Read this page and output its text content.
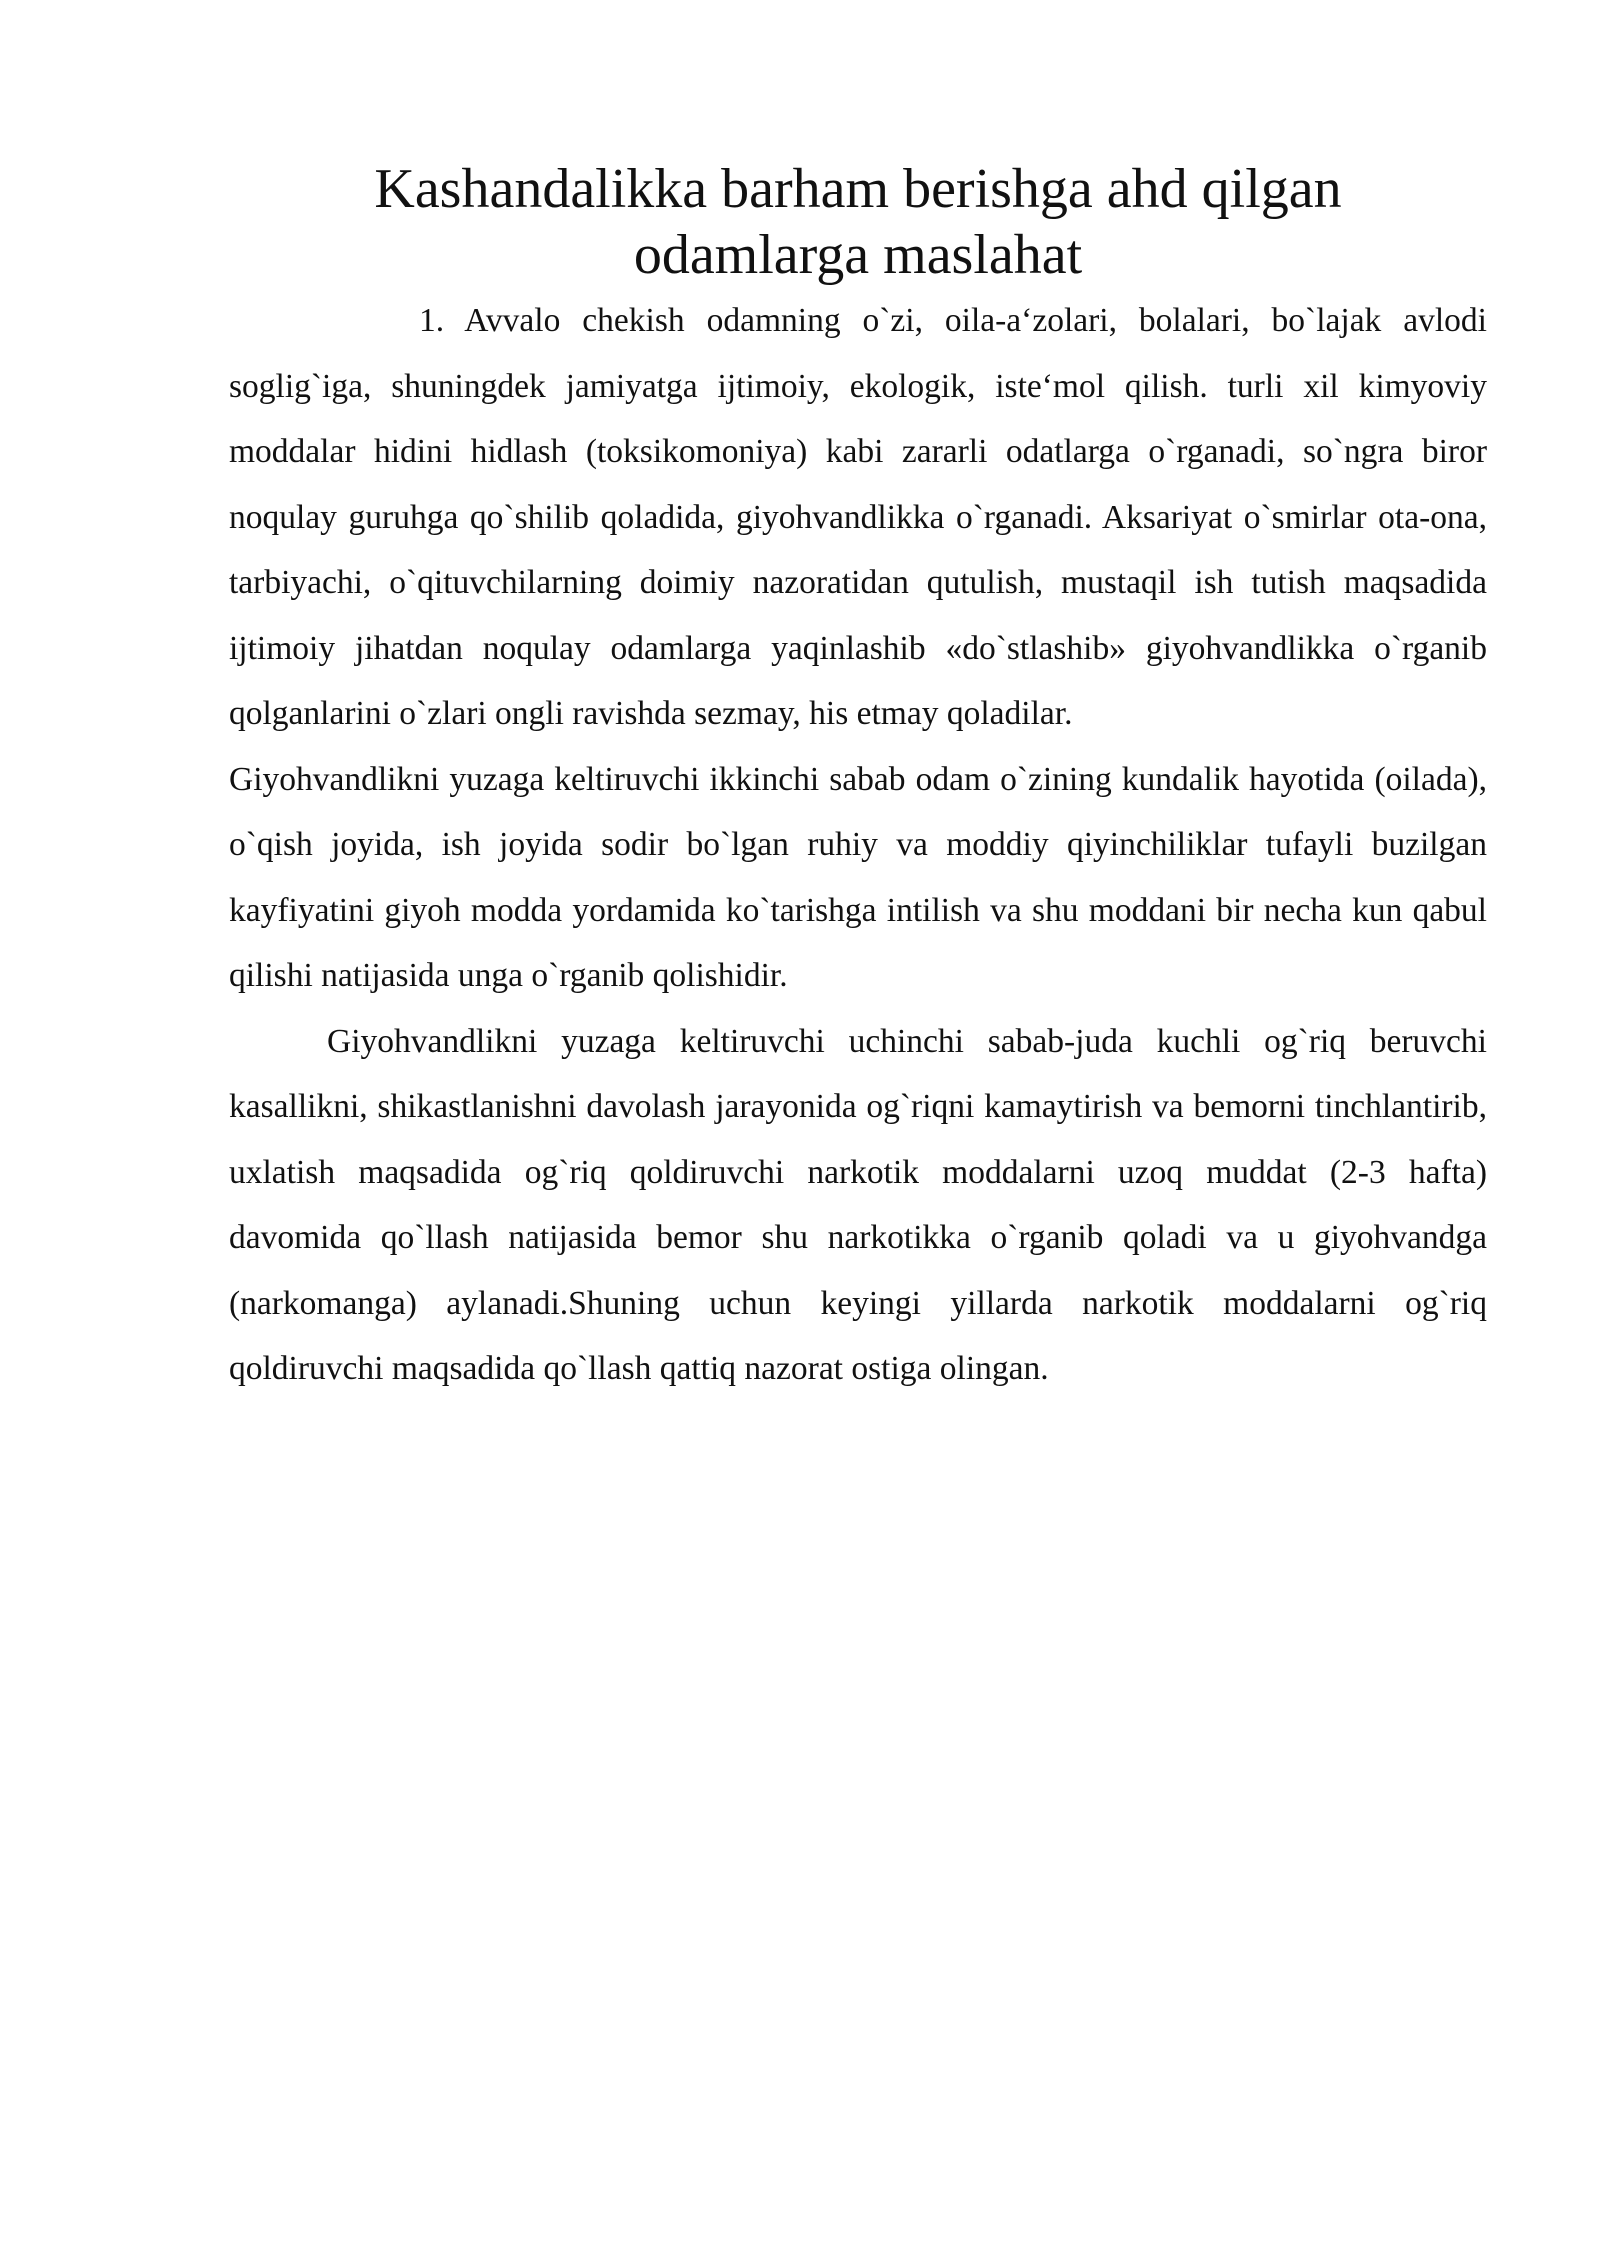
Kashandalikka barham berishga ahd qilgan
odamlarga maslahat

1. Avvalo chekish odamning o`zi, oila-a‘zolari, bolalari, bo`lajak avlodi soglig`iga, shuningdek jamiyatga ijtimoiy, ekologik, iste‘mol qilish. turli xil kimyoviy moddalar hidini hidlash (toksikomoniya) kabi zararli odatlarga o`rganadi, so`ngra biror noqulay guruhga qo`shilib qoladida, giyohvandlikka o`rganadi. Aksariyat o`smirlar ota-ona, tarbiyachi, o`qituvchilarning doimiy nazoratidan qutulish, mustaqil ish tutish maqsadida ijtimoiy jihatdan noqulay odamlarga yaqinlashib «do`stlashib» giyohvandlikka o`rganib qolganlarini o`zlari ongli ravishda sezmay, his etmay qoladilar.

Giyohvandlikni yuzaga keltiruvchi ikkinchi sabab odam o`zining kundalik hayotida (oilada), o`qish joyida, ish joyida sodir bo`lgan ruhiy va moddiy qiyinchiliklar tufayli buzilgan kayfiyatini giyoh modda yordamida ko`tarishga intilish va shu moddani bir necha kun qabul qilishi natijasida unga o`rganib qolishidir.

Giyohvandlikni yuzaga keltiruvchi uchinchi sabab-juda kuchli og`riq beruvchi kasallikni, shikastlanishni davolash jarayonida og`riqni kamaytirish va bemorni tinchlantirib, uxlatish maqsadida og`riq qoldiruvchi narkotik moddalarni uzoq muddat (2-3 hafta) davomida qo`llash natijasida bemor shu narkotikka o`rganib qoladi va u giyohvandga (narkomanga) aylanadi.Shuning uchun keyingi yillarda narkotik moddalarni og`riq qoldiruvchi maqsadida qo`llash qattiq nazorat ostiga olingan.
